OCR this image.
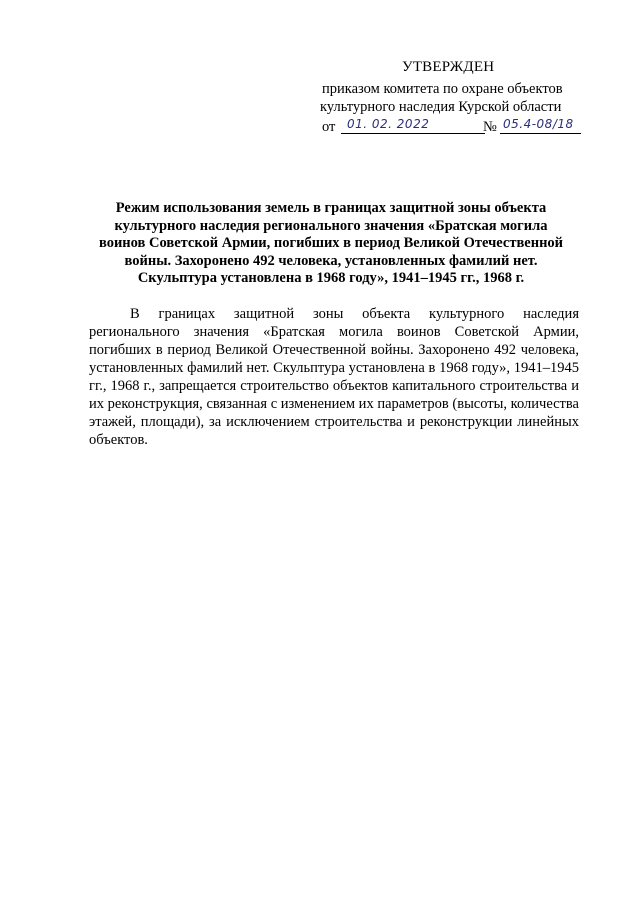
УТВЕРЖДЕН
приказом комитета по охране объектов
культурного наследия Курской области
от 01. 02. 2022	№ 05.4-08/18
Режим использования земель в границах защитной зоны объекта
культурного наследия регионального значения «Братская могила
воинов Советской Армии, погибших в период Великой Отечественной
войны. Захоронено 492 человека, установленных фамилий нет.
Скульптура установлена в 1968 году», 1941–1945 гг., 1968 г.

В границах защитной зоны объекта культурного наследия регионального значения «Братская могила воинов Советской Армии, погибших в период Великой Отечественной войны. Захоронено 492 человека, установленных фамилий нет. Скульптура установлена в 1968 году», 1941–1945 гг., 1968 г., запрещается строительство объектов капитального строительства и их реконструкция, связанная с изменением их параметров (высоты, количества этажей, площади), за исключением строительства и реконструкции линейных объектов.
